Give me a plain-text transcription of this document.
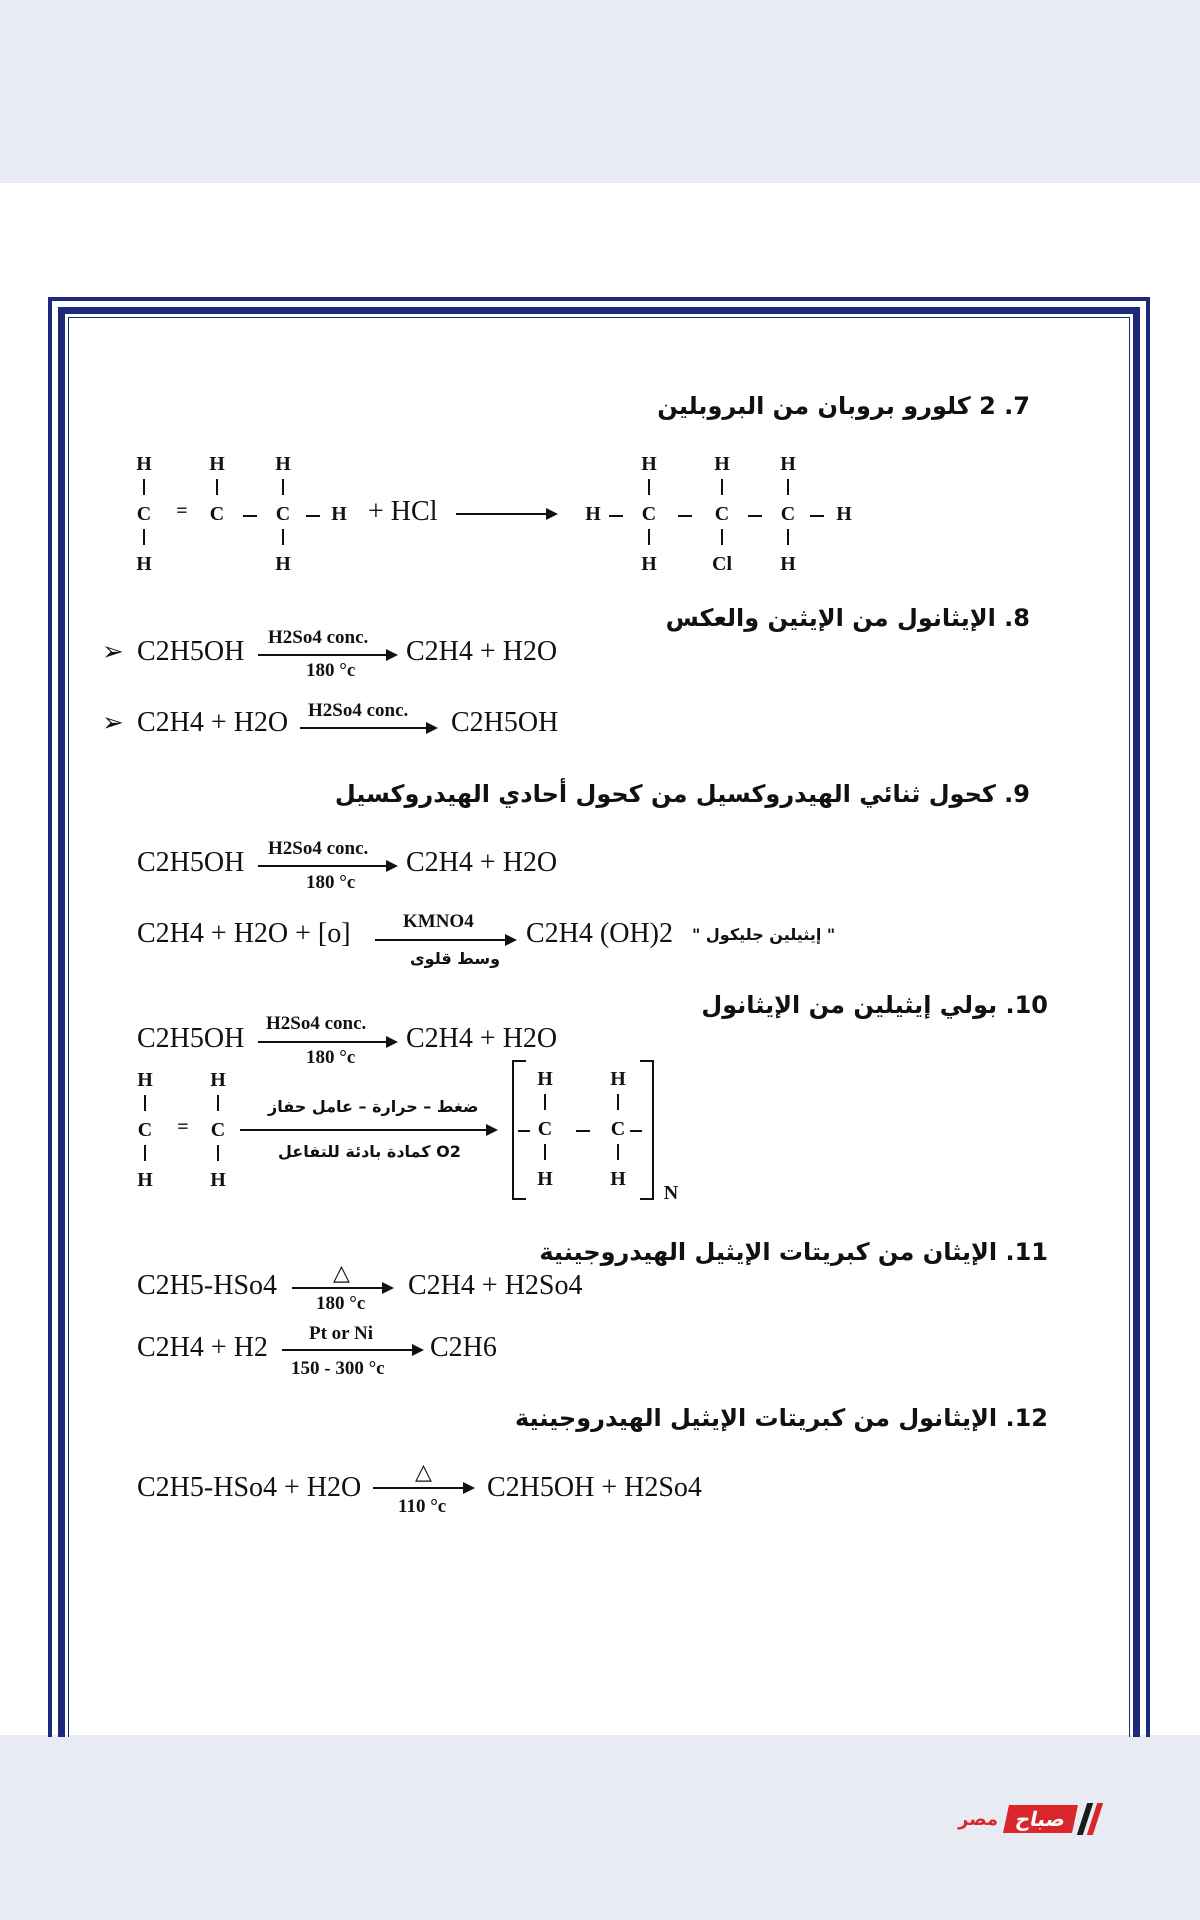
7. 2 كلورو بروبان من البروبلين
H	H	H
C = C	C H
H	H
+ HCl
H	H	H
H C	C	C H
H	Cl	H
8. الإيثانول من الإيثين والعكس
➢ C2H5OH H2So4 conc.
180 °c
C2H4 + H2O
➢ C2H4 + H2O H2So4 conc. C2H5OH
9. كحول ثنائي الهيدروكسيل من كحول أحادي الهيدروكسيل
C2H5OH H2So4 conc.
180 °c
C2H4 + H2O
C2H4 + H2O + [o]	KMNO4
وسط قلوى
C2H4 (OH)2 " إيثيلين جليكول "
10. بولي إيثيلين من الإيثانول
C2H5OH H2So4 conc.
180 °c
C2H4 + H2O
H	H
C = C
H	H
ضغط – حرارة – عامل حفاز
O2 كمادة بادئة للتفاعل
H	H
C	C
H	H
N
11. الإيثان من كبريتات الإيثيل الهيدروجينية
C2H5-HSo4	△
180 °c
C2H4 + H2So4
C2H4 + H2 Pt or Ni
150 - 300 °c
C2H6
12. الإيثانول من كبريتات الإيثيل الهيدروجينية
C2H5-HSo4 + H2O
△
110 °c
C2H5OH + H2So4
مصر صباح
